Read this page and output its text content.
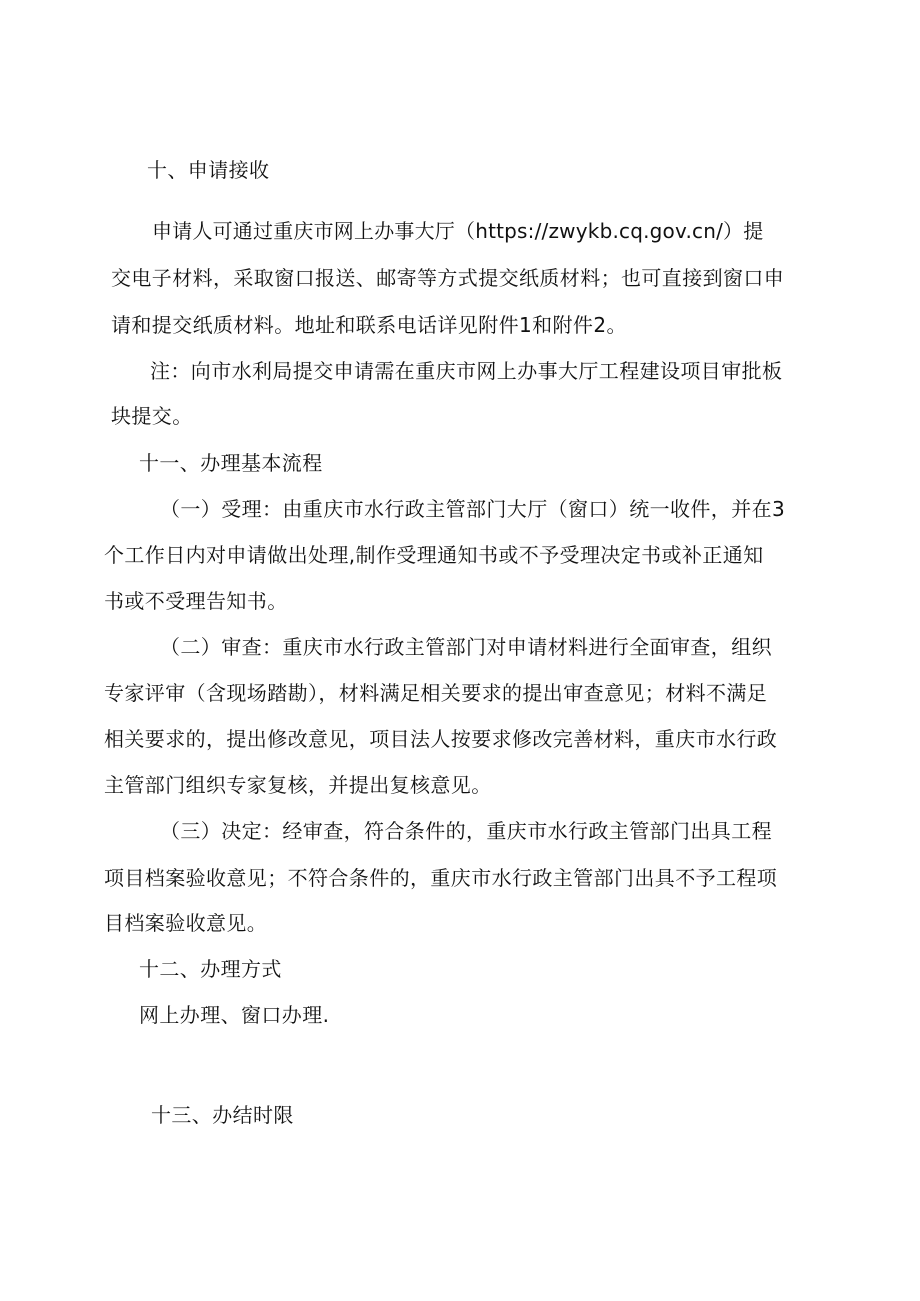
十、申请接收
申请人可通过重庆市网上办事大厅（https://zwykb.cq.gov.cn/）提
交电子材料，采取窗口报送、邮寄等方式提交纸质材料；也可直接到窗口申
请和提交纸质材料。地址和联系电话详见附件1和附件2。
注：向市水利局提交申请需在重庆市网上办事大厅工程建设项目审批板
块提交。
十一、办理基本流程
（一）受理：由重庆市水行政主管部门大厅（窗口）统一收件，并在3
个工作日内对申请做出处理,制作受理通知书或不予受理决定书或补正通知
书或不受理告知书。
（二）审查：重庆市水行政主管部门对申请材料进行全面审查，组织
专家评审（含现场踏勘），材料满足相关要求的提出审查意见；材料不满足
相关要求的，提出修改意见，项目法人按要求修改完善材料，重庆市水行政
主管部门组织专家复核，并提出复核意见。
（三）决定：经审查，符合条件的，重庆市水行政主管部门出具工程
项目档案验收意见；不符合条件的，重庆市水行政主管部门出具不予工程项
目档案验收意见。
十二、办理方式
网上办理、窗口办理.
十三、办结时限
